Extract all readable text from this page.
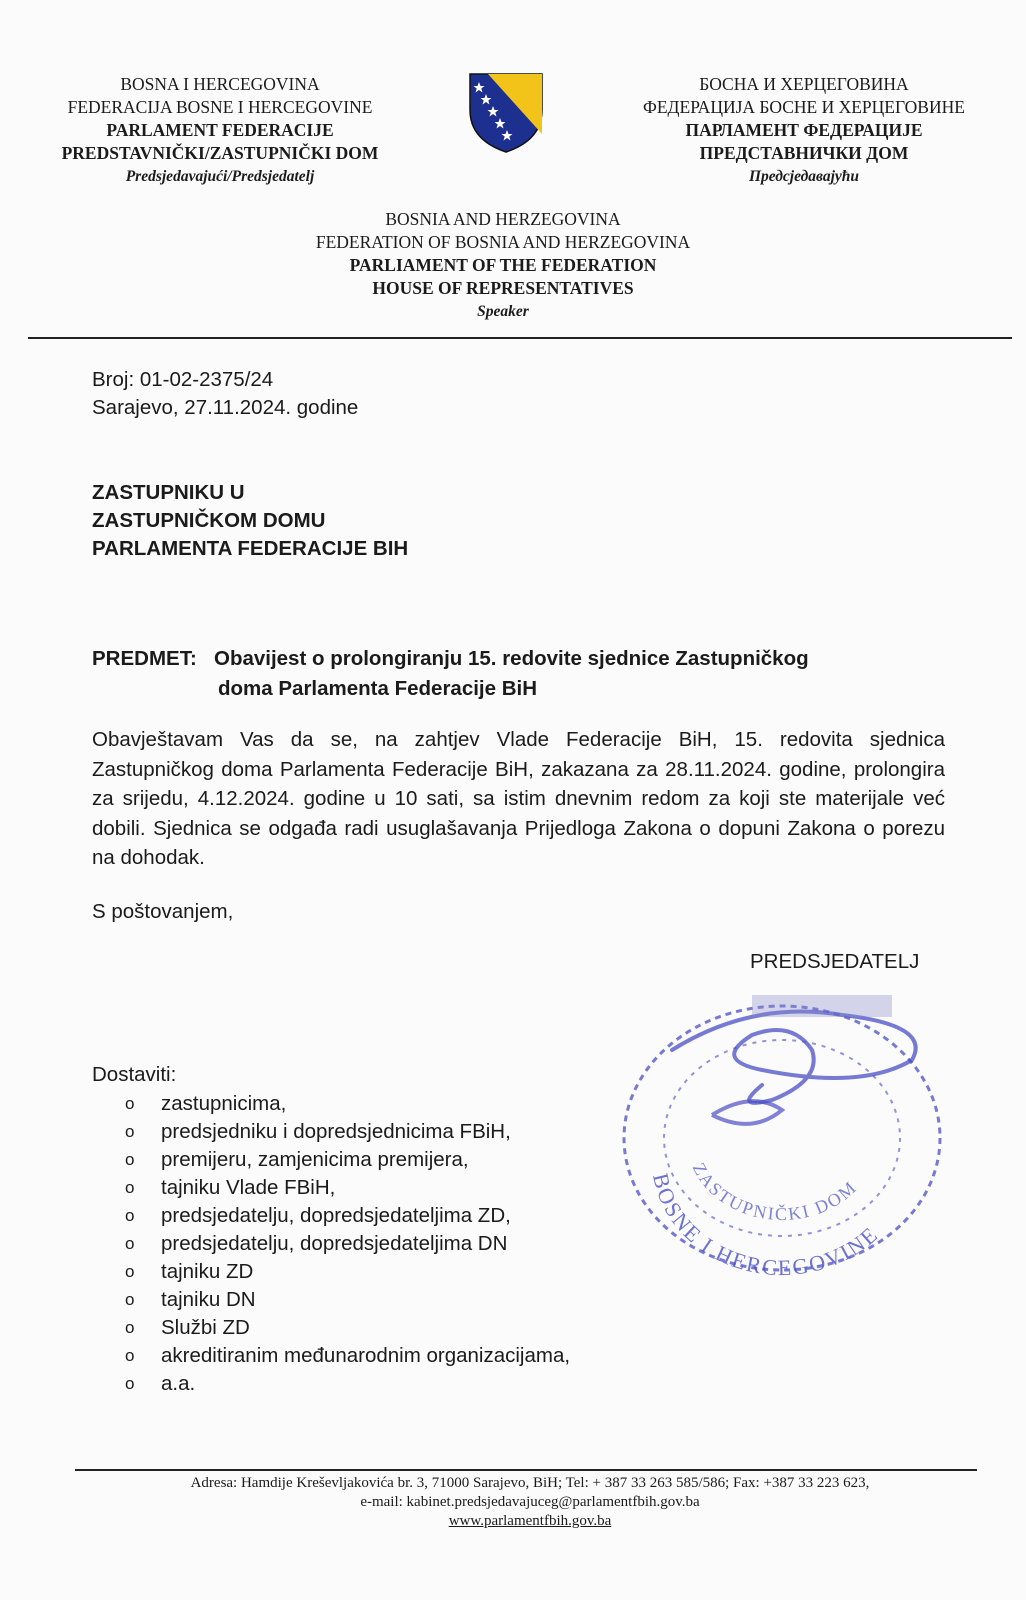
BOSNA I HERCEGOVINA
FEDERACIJA BOSNE I HERCEGOVINE
PARLAMENT FEDERACIJE
PREDSTAVNIČKI/ZASTUPNIČKI DOM
Predsjedavajući/Predsjedatelj
БОСНА И ХЕРЦЕГОВИНА
ФЕДЕРАЦИЈА БОСНЕ И ХЕРЦЕГОВИНЕ
ПАРЛАМЕНТ ФЕДЕРАЦИЈЕ
ПРЕДСТАВНИЧКИ ДОМ
Предсједавајући
BOSNIA AND HERZEGOVINA
FEDERATION OF BOSNIA AND HERZEGOVINA
PARLIAMENT OF THE FEDERATION
HOUSE OF REPRESENTATIVES
Speaker
Broj: 01-02-2375/24
Sarajevo, 27.11.2024. godine
ZASTUPNIKU U
ZASTUPNIČKOM DOMU
PARLAMENTA FEDERACIJE BIH
PREDMET: Obavijest o prolongiranju 15. redovite sjednice Zastupničkog
doma Parlamenta Federacije BiH
Obavještavam Vas da se, na zahtjev Vlade Federacije BiH, 15. redovita sjednica Zastupničkog doma Parlamenta Federacije BiH, zakazana za 28.11.2024. godine, prolongira za srijedu, 4.12.2024. godine u 10 sati, sa istim dnevnim redom za koji ste materijale već dobili. Sjednica se odgađa radi usuglašavanja Prijedloga Zakona o dopuni Zakona o porezu na dohodak.
S poštovanjem,
PREDSJEDATELJ
BOSNE I HERCEGOVINE
ZASTUPNIČKI DOM
Dostaviti:
o zastupnicima,
o predsjedniku i dopredsjednicima FBiH,
o premijeru, zamjenicima premijera,
o tajniku Vlade FBiH,
o predsjedatelju, dopredsjedateljima ZD,
o predsjedatelju, dopredsjedateljima DN
o tajniku ZD
o tajniku DN
o Službi ZD
o akreditiranim međunarodnim organizacijama,
o a.a.
Adresa: Hamdije Kreševljakovića br. 3, 71000 Sarajevo, BiH; Tel: + 387 33 263 585/586; Fax: +387 33 223 623,
e-mail: kabinet.predsjedavajuceg@parlamentfbih.gov.ba
www.parlamentfbih.gov.ba
